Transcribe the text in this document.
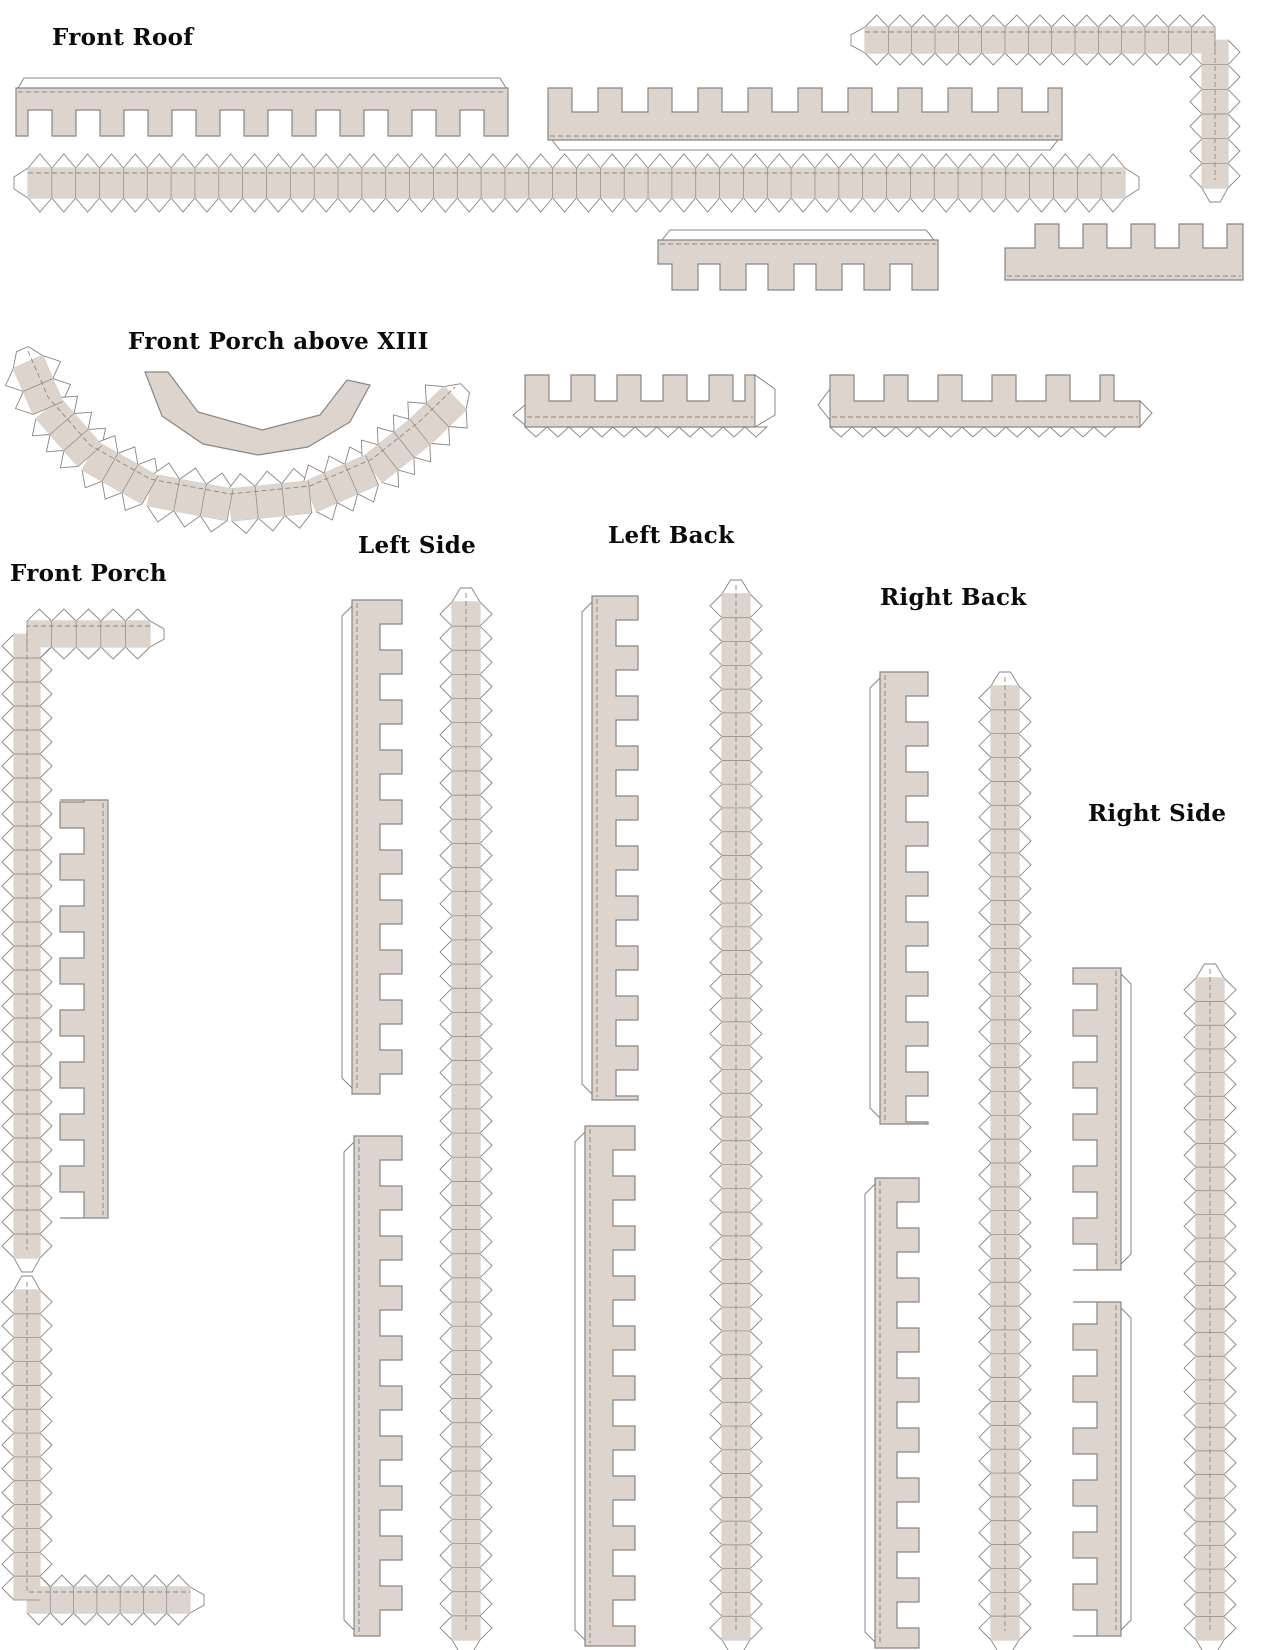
Front Roof
Front Porch above XIII
Left Side	Left Back
Front Porch
Right Back
Right Side
